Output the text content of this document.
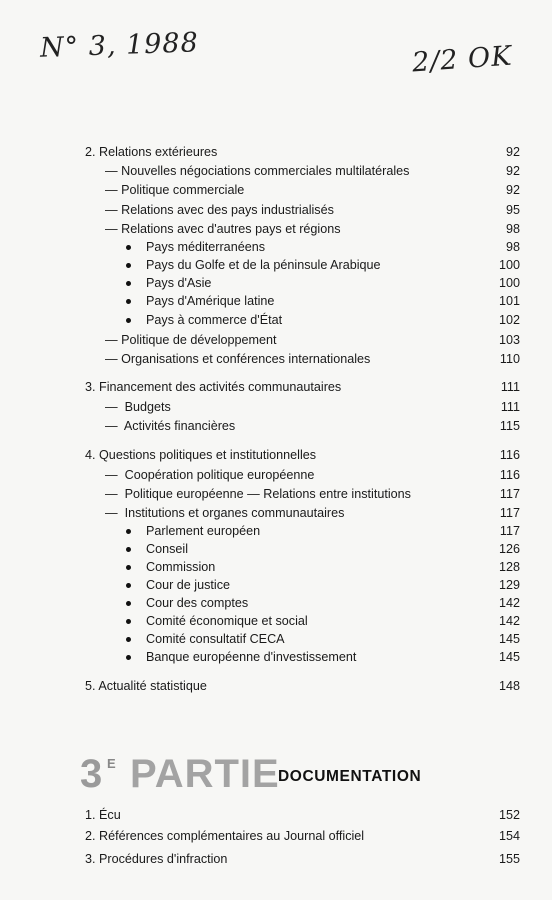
N° 3, 1988	2/2 OK
2. Relations extérieures	92
— Nouvelles négociations commerciales multilatérales	92
— Politique commerciale	92
— Relations avec des pays industrialisés	95
— Relations avec d'autres pays et régions	98
Pays méditerranéens	98
Pays du Golfe et de la péninsule Arabique	100
Pays d'Asie	100
Pays d'Amérique latine	101
Pays à commerce d'État	102
— Politique de développement	103
— Organisations et conférences internationales	110
3. Financement des activités communautaires	111
— Budgets	111
— Activités financières	115
4. Questions politiques et institutionnelles	116
— Coopération politique européenne	116
— Politique européenne — Relations entre institutions	117
— Institutions et organes communautaires	117
Parlement européen	117
Conseil	126
Commission	128
Cour de justice	129
Cour des comptes	142
Comité économique et social	142
Comité consultatif CECA	145
Banque européenne d'investissement	145
5. Actualité statistique	148
3 E PARTIE
DOCUMENTATION
1. Écu	152
2. Références complémentaires au Journal officiel	154
3. Procédures d'infraction	155
